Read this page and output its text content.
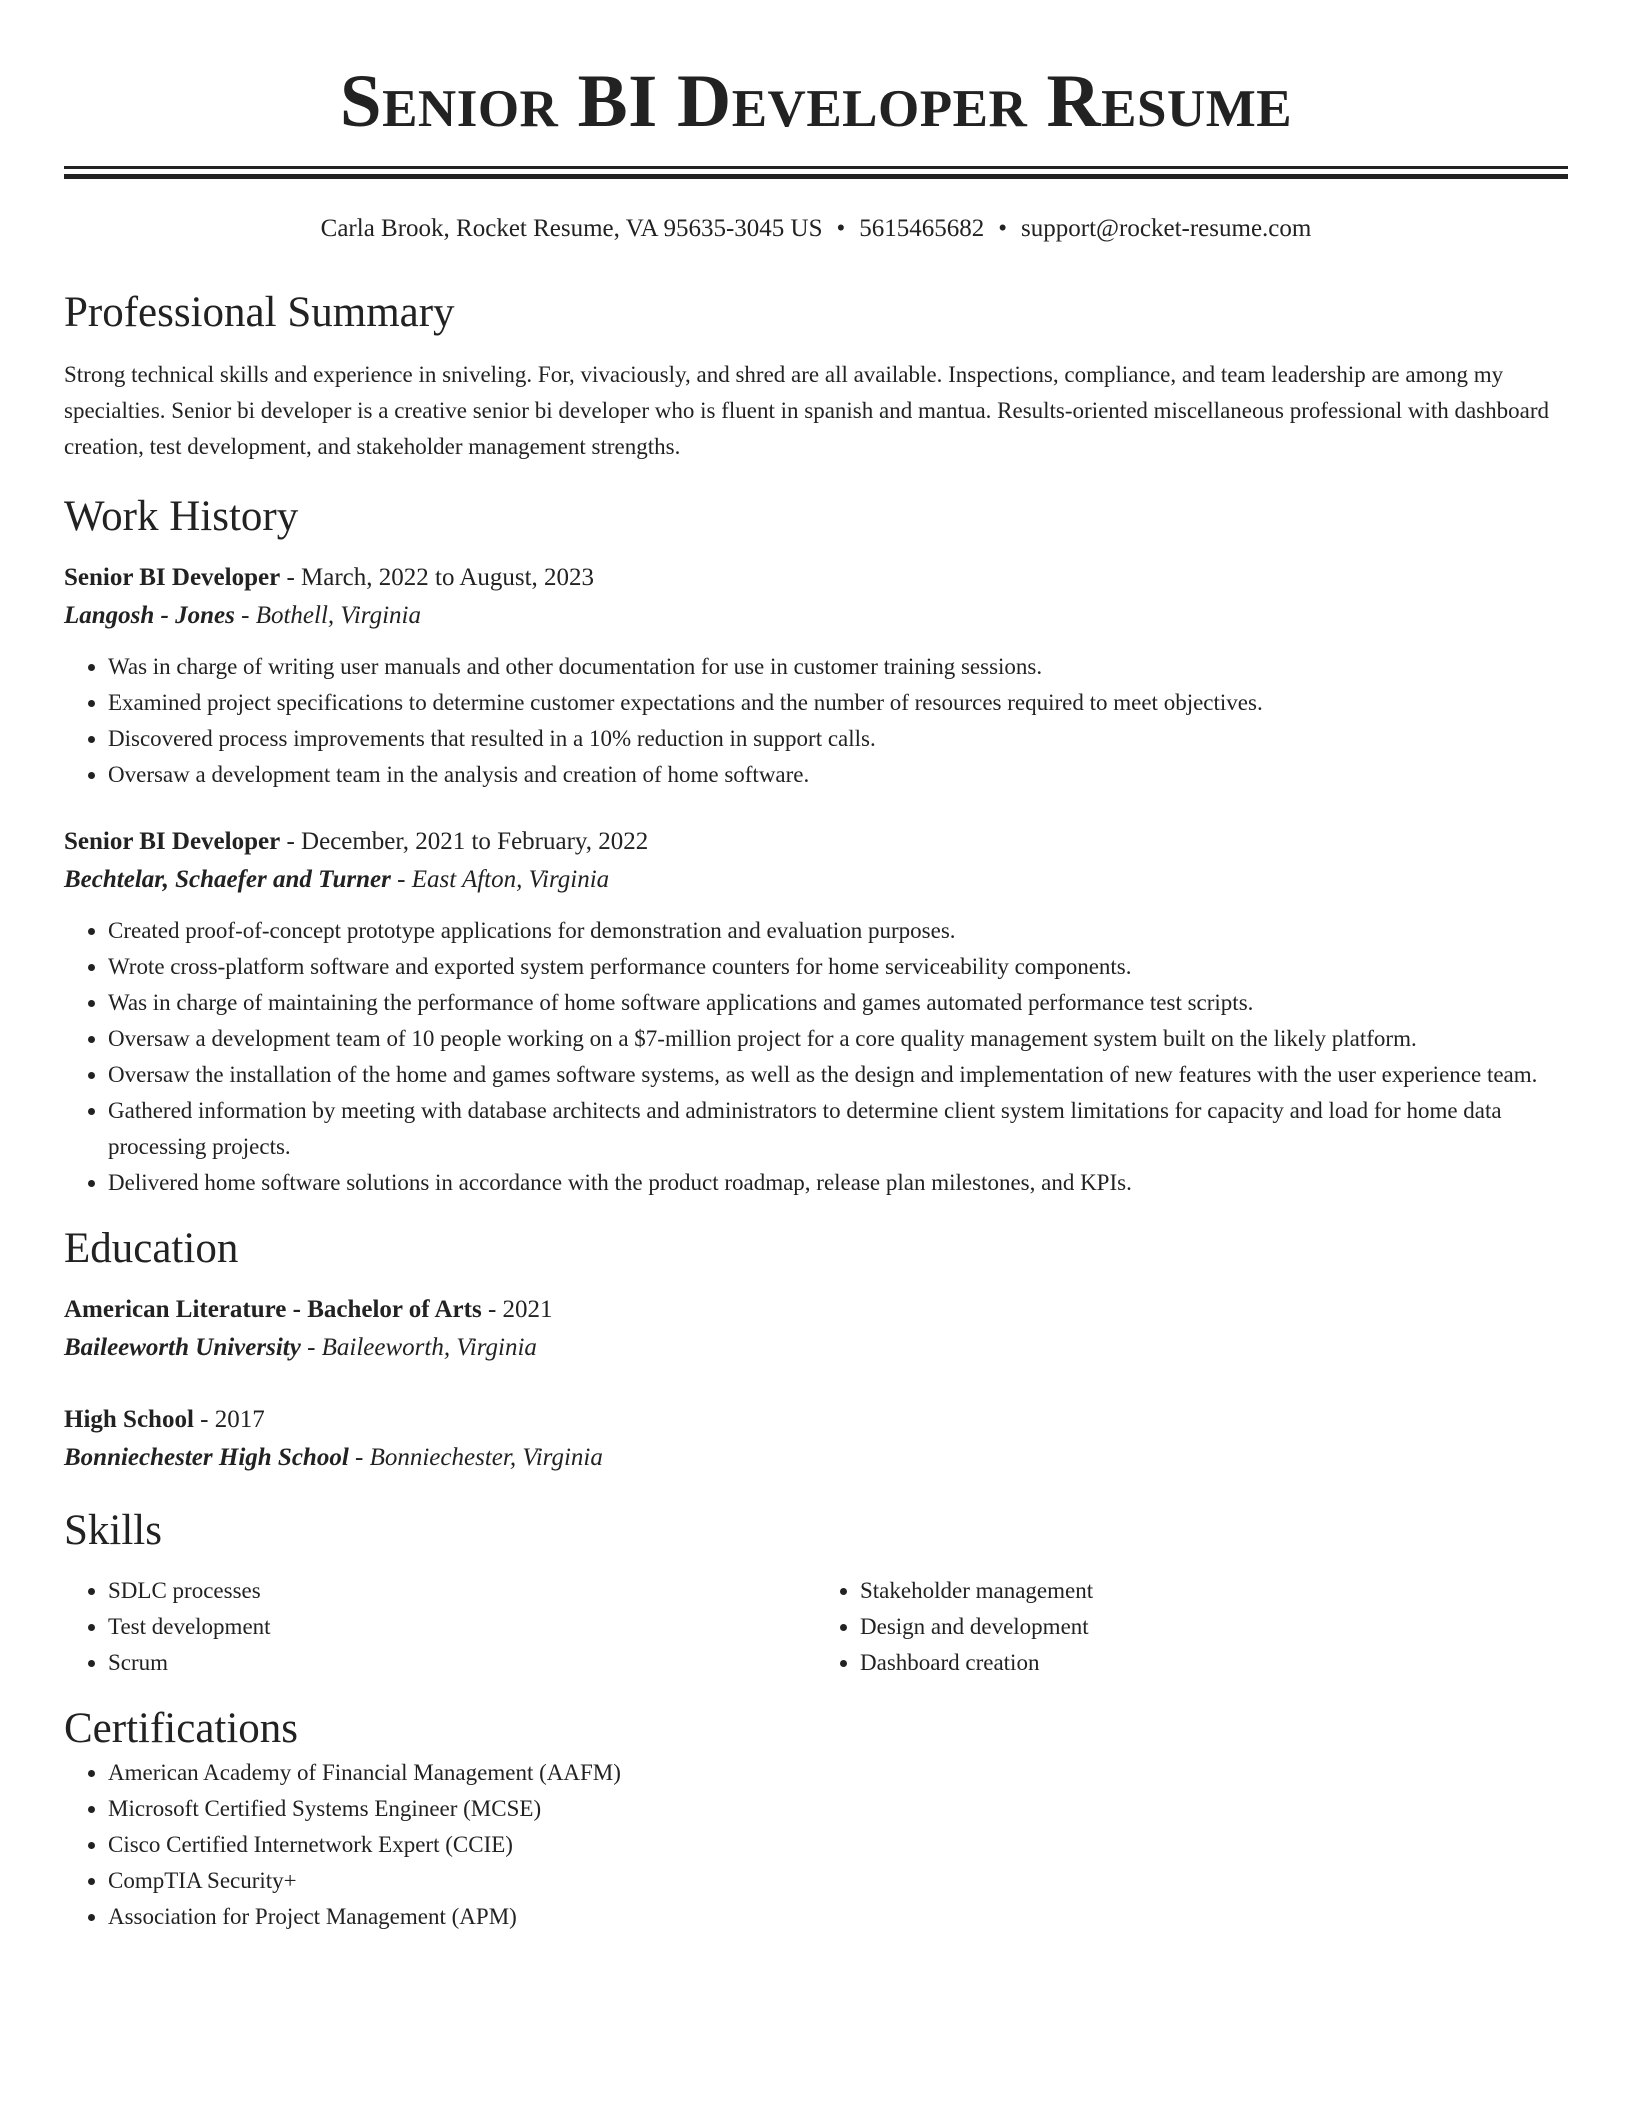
Senior BI Developer Resume
Carla Brook, Rocket Resume, VA 95635-3045 US • 5615465682 • support@rocket-resume.com
Professional Summary

Strong technical skills and experience in sniveling. For, vivaciously, and shred are all available. Inspections, compliance, and team leadership are among my specialties. Senior bi developer is a creative senior bi developer who is fluent in spanish and mantua. Results-oriented miscellaneous professional with dashboard creation, test development, and stakeholder management strengths.

Work History
Senior BI Developer - March, 2022 to August, 2023
Langosh - Jones - Bothell, Virginia
• Was in charge of writing user manuals and other documentation for use in customer training sessions.
• Examined project specifications to determine customer expectations and the number of resources required to meet objectives.
• Discovered process improvements that resulted in a 10% reduction in support calls.
• Oversaw a development team in the analysis and creation of home software.
Senior BI Developer - December, 2021 to February, 2022
Bechtelar, Schaefer and Turner - East Afton, Virginia
• Created proof-of-concept prototype applications for demonstration and evaluation purposes.
• Wrote cross-platform software and exported system performance counters for home serviceability components.
• Was in charge of maintaining the performance of home software applications and games automated performance test scripts.
• Oversaw a development team of 10 people working on a $7-million project for a core quality management system built on the likely platform.
• Oversaw the installation of the home and games software systems, as well as the design and implementation of new features with the user experience team.
• Gathered information by meeting with database architects and administrators to determine client system limitations for capacity and load for home data processing projects.
• Delivered home software solutions in accordance with the product roadmap, release plan milestones, and KPIs.
Education
American Literature - Bachelor of Arts - 2021
Baileeworth University - Baileeworth, Virginia
High School - 2017
Bonniechester High School - Bonniechester, Virginia
Skills
• SDLC processes
• Test development
• Scrum
• Stakeholder management
• Design and development
• Dashboard creation
Certifications
• American Academy of Financial Management (AAFM)
• Microsoft Certified Systems Engineer (MCSE)
• Cisco Certified Internetwork Expert (CCIE)
• CompTIA Security+
• Association for Project Management (APM)
